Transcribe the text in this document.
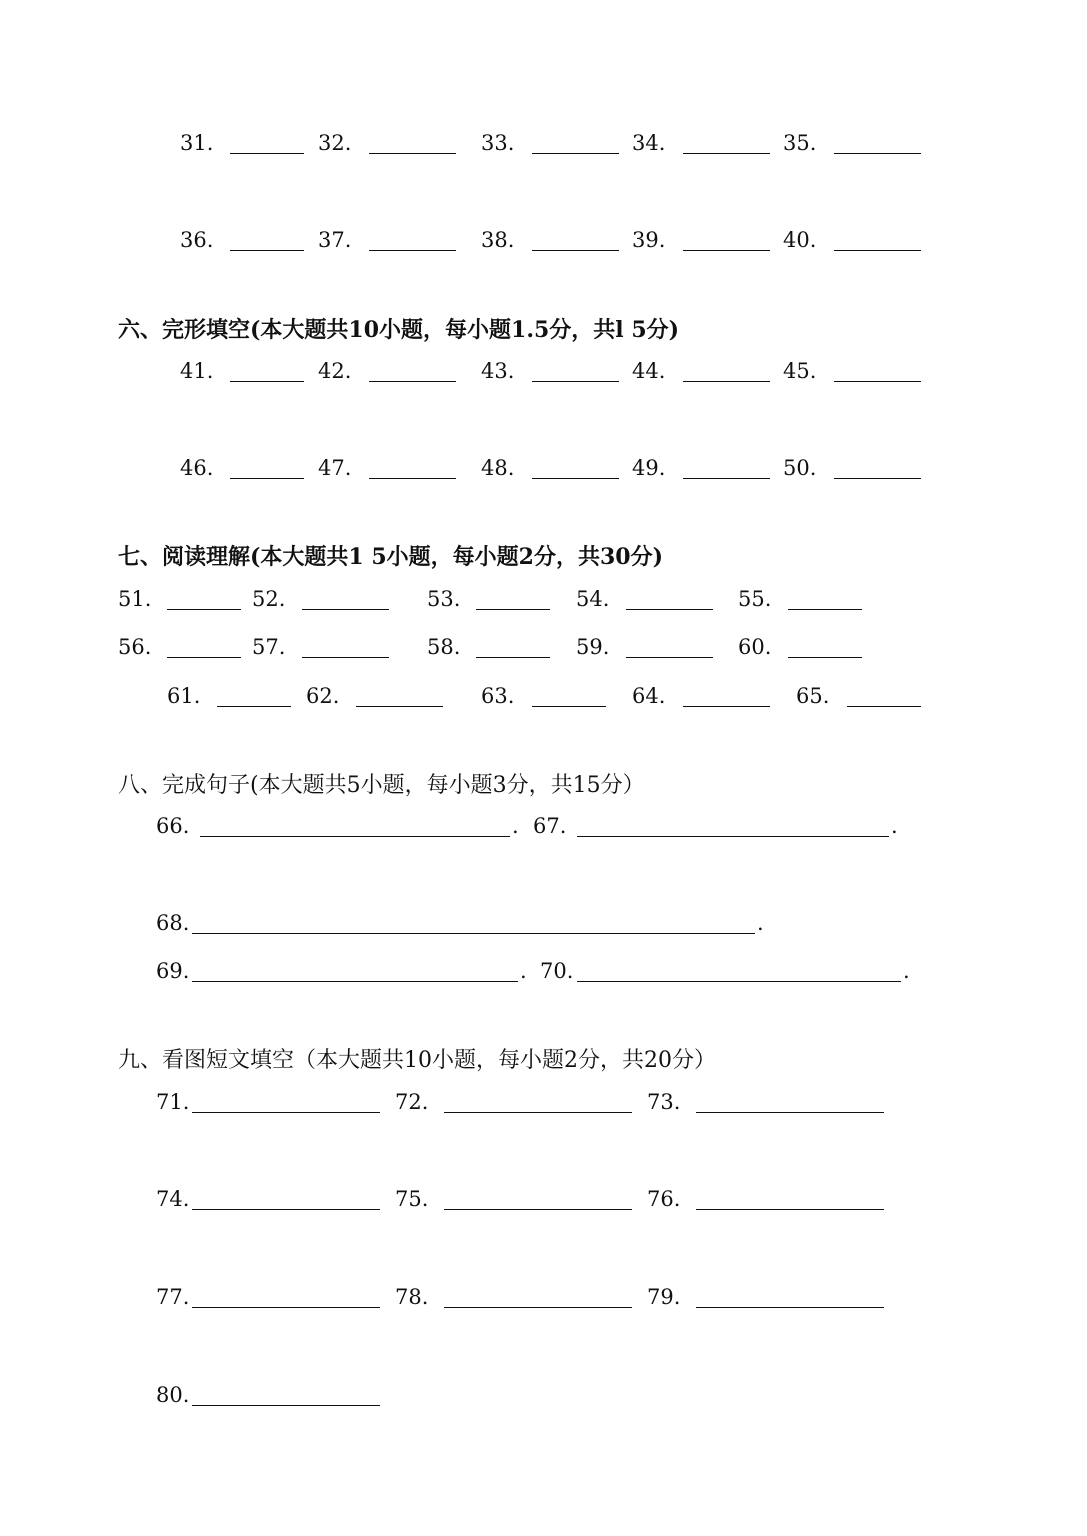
六、完形填空(本大题共10小题，每小题1.5分，共l 5分)
七、阅读理解(本大题共1 5小题，每小题2分，共30分)
八、完成句子(本大题共5小题，每小题3分，共15分）
九、看图短文填空（本大题共10小题，每小题2分，共20分）
31.	32.	33.	34.	35.
36.	37.	38.	39.	40.
41.	42.	43.	44.	45.
46.	47.	48.	49.	50.
51.	52.	53.	54.	55.
56.	57.	58.	59.	60.
61.	62.	63.	64.	65.
66.	. 67.	.
68.	.
69.	. 70.	.
71.	72.	73.
74.	75.	76.
77.	78.	79.
80.
